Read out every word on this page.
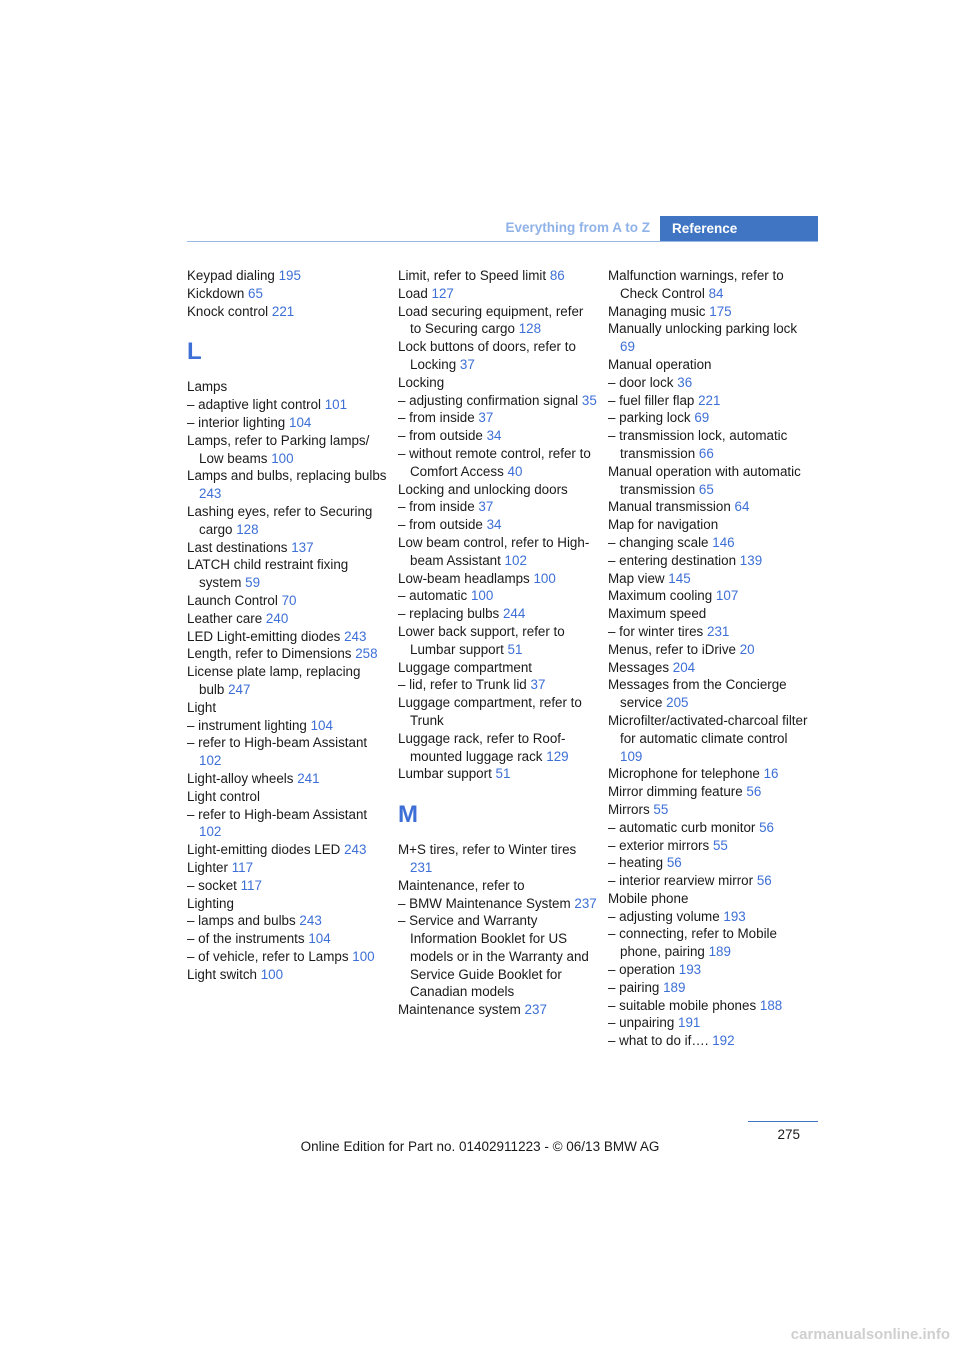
Everything from A to Z	Reference
Keypad dialing 195
Kickdown 65
Knock control 221
L
Lamps
– adaptive light control 101
– interior lighting 104
Lamps, refer to Parking lamps/ Low beams 100
Lamps and bulbs, replacing bulbs 243
Lashing eyes, refer to Securing cargo 128
Last destinations 137
LATCH child restraint fixing system 59
Launch Control 70
Leather care 240
LED Light-emitting diodes 243
Length, refer to Dimensions 258
License plate lamp, replacing bulb 247
Light
– instrument lighting 104
– refer to High-beam Assistant 102
Light-alloy wheels 241
Light control
– refer to High-beam Assistant 102
Light-emitting diodes LED 243
Lighter 117
– socket 117
Lighting
– lamps and bulbs 243
– of the instruments 104
– of vehicle, refer to Lamps 100
Light switch 100
Limit, refer to Speed limit 86
Load 127
Load securing equipment, refer to Securing cargo 128
Lock buttons of doors, refer to Locking 37
Locking
– adjusting confirmation signal 35
– from inside 37
– from outside 34
– without remote control, refer to Comfort Access 40
Locking and unlocking doors
– from inside 37
– from outside 34
Low beam control, refer to High-beam Assistant 102
Low-beam headlamps 100
– automatic 100
– replacing bulbs 244
Lower back support, refer to Lumbar support 51
Luggage compartment
– lid, refer to Trunk lid 37
Luggage compartment, refer to Trunk
Luggage rack, refer to Roof-mounted luggage rack 129
Lumbar support 51
M
M+S tires, refer to Winter tires 231
Maintenance, refer to
– BMW Maintenance System 237
– Service and Warranty Information Booklet for US models or in the Warranty and Service Guide Booklet for Canadian models
Maintenance system 237
Malfunction warnings, refer to Check Control 84
Managing music 175
Manually unlocking parking lock 69
Manual operation
– door lock 36
– fuel filler flap 221
– parking lock 69
– transmission lock, automatic transmission 66
Manual operation with automatic transmission 65
Manual transmission 64
Map for navigation
– changing scale 146
– entering destination 139
Map view 145
Maximum cooling 107
Maximum speed
– for winter tires 231
Menus, refer to iDrive 20
Messages 204
Messages from the Concierge service 205
Microfilter/activated-charcoal filter for automatic climate control 109
Microphone for telephone 16
Mirror dimming feature 56
Mirrors 55
– automatic curb monitor 56
– exterior mirrors 55
– heating 56
– interior rearview mirror 56
Mobile phone
– adjusting volume 193
– connecting, refer to Mobile phone, pairing 189
– operation 193
– pairing 189
– suitable mobile phones 188
– unpairing 191
– what to do if…. 192
275
Online Edition for Part no. 01402911223 - © 06/13 BMW AG
carmanualsonline.info
